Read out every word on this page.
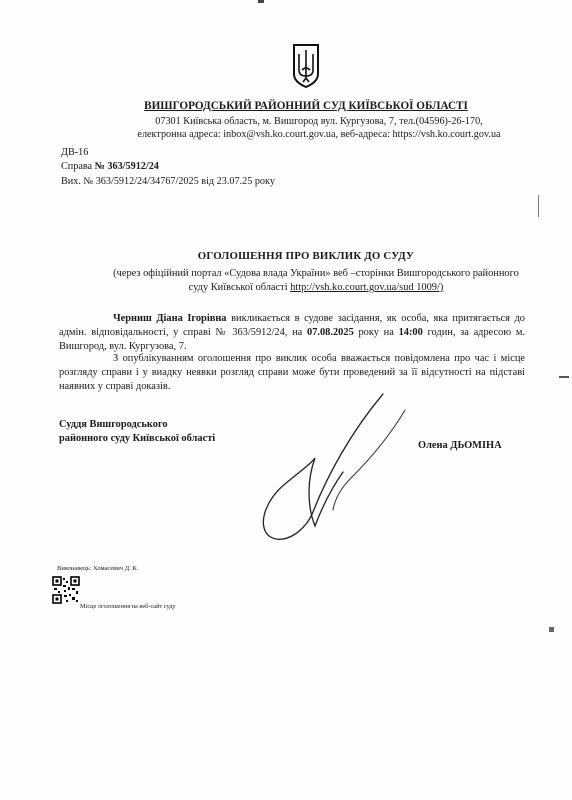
ВИШГОРОДСЬКИЙ РАЙОННИЙ СУД КИЇВСЬКОЇ ОБЛАСТІ
07301 Київська область, м. Вишгород вул. Кургузова, 7, тел.(04596)-26-170,
електронна адреса: inbox@vsh.ko.court.gov.ua, веб-адреса: https://vsh.ko.court.gov.ua
ДВ-16
Справа № 363/5912/24
Вих. № 363/5912/24/34767/2025 від 23.07.25 року
ОГОЛОШЕННЯ ПРО ВИКЛИК ДО СУДУ
(через офіційний портал «Судова влада України» веб –сторінки Вишгородського районного
суду Київської області http://vsh.ko.court.gov.ua/sud 1009/)
Черниш Діана Ігорівна викликається в судове засідання, як особа, яка притягається до адмін. відповідальності, у справі № 363/5912/24, на 07.08.2025 року на 14:00 годин, за адресою м. Вишгород, вул. Кургузова, 7.
З опублікуванням оголошення про виклик особа вважається повідомлена про час і місце розгляду справи і у виадку неявки розгляд справи може бути проведений за її відсутності на підставі наявних у справі доказів.
Суддя Вишгородського
районного суду Київської області
Олена ДЬОМІНА
Виконавець: Хомасевич Д. К.
Місце оголошення на веб-сайт суду
